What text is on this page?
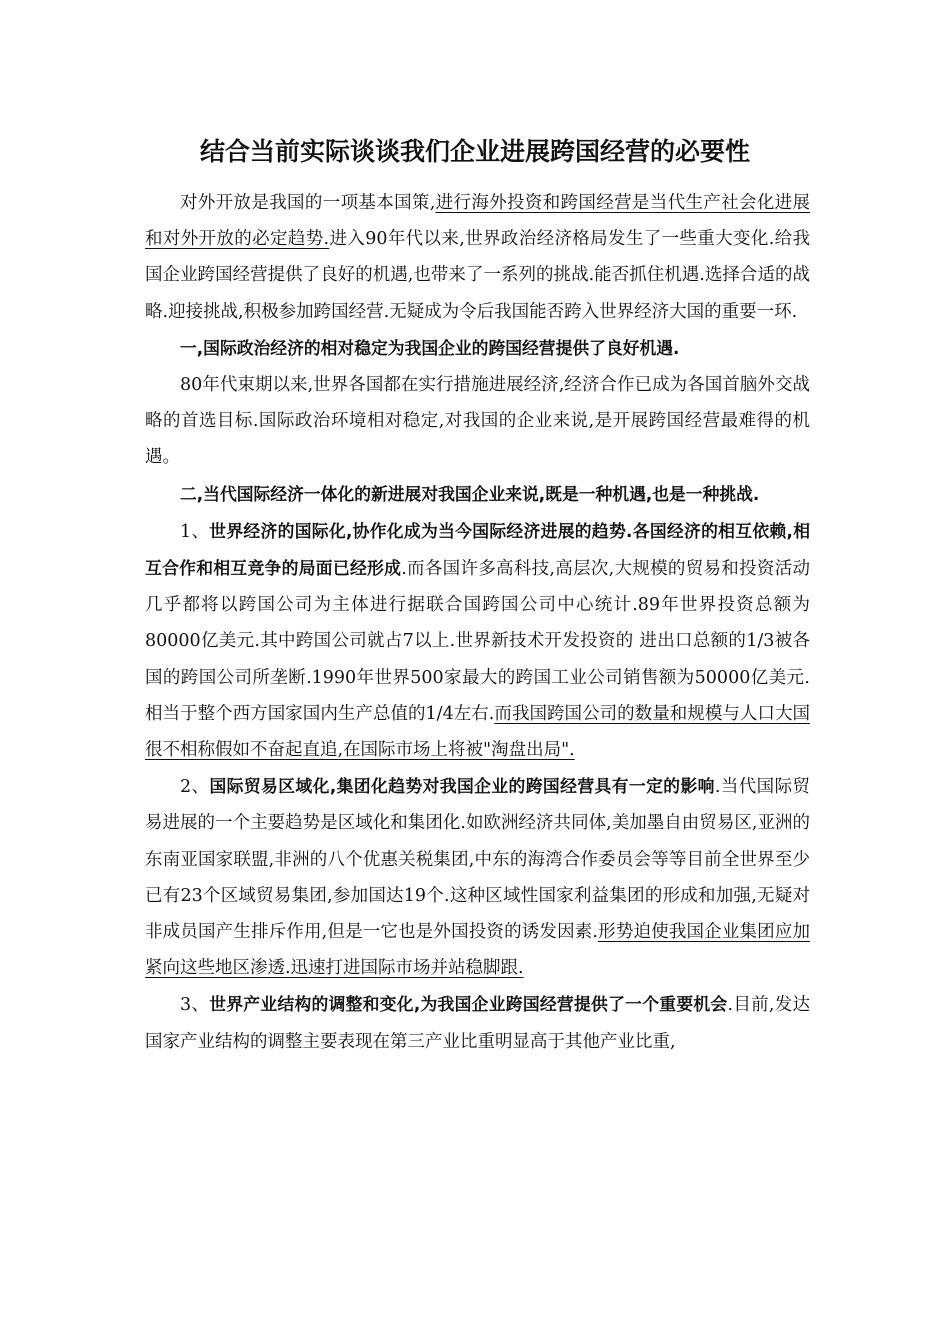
结合当前实际谈谈我们企业进展跨国经营的必要性

对外开放是我国的一项基本国策,进行海外投资和跨国经营是当代生产社会化进展和对外开放的必定趋势.进入90年代以来,世界政治经济格局发生了一些重大变化.给我国企业跨国经营提供了良好的机遇,也带来了一系列的挑战.能否抓住机遇.选择合适的战略.迎接挑战,积极参加跨国经营.无疑成为令后我国能否跨入世界经济大国的重要一环.

一,国际政治经济的相对稳定为我国企业的跨国经营提供了良好机遇.

80年代束期以来,世界各国都在实行措施进展经济,经济合作已成为各国首脑外交战略的首选目标.国际政治环境相对稳定,对我国的企业来说,是开展跨国经营最难得的机遇。

二,当代国际经济一体化的新进展对我国企业来说,既是一种机遇,也是一种挑战.

1、世界经济的国际化,协作化成为当今国际经济进展的趋势.各国经济的相互依赖,相互合作和相互竞争的局面已经形成.而各国许多高科技,高层次,大规模的贸易和投资活动几乎都将以跨国公司为主体进行据联合国跨国公司中心统计.89年世界投资总额为80000亿美元.其中跨国公司就占7以上.世界新技术开发投资的 进出口总额的1/3被各国的跨国公司所垄断.1990年世界500家最大的跨国工业公司销售额为50000亿美元.相当于整个西方国家国内生产总值的1/4左右.而我国跨国公司的数量和规模与人口大国很不相称假如不奋起直追,在国际市场上将被"淘盘出局".

2、国际贸易区域化,集团化趋势对我国企业的跨国经营具有一定的影响.当代国际贸易进展的一个主要趋势是区域化和集团化.如欧洲经济共同体,美加墨自由贸易区,亚洲的东南亚国家联盟,非洲的八个优惠关税集团,中东的海湾合作委员会等等目前全世界至少已有23个区域贸易集团,参加国达19个.这种区域性国家利益集团的形成和加强,无疑对非成员国产生排斥作用,但是一它也是外国投资的诱发因素.形势迫使我国企业集团应加紧向这些地区渗透.迅速打进国际市场并站稳脚跟.

3、世界产业结构的调整和变化,为我国企业跨国经营提供了一个重要机会.目前,发达国家产业结构的调整主要表现在第三产业比重明显高于其他产业比重,
